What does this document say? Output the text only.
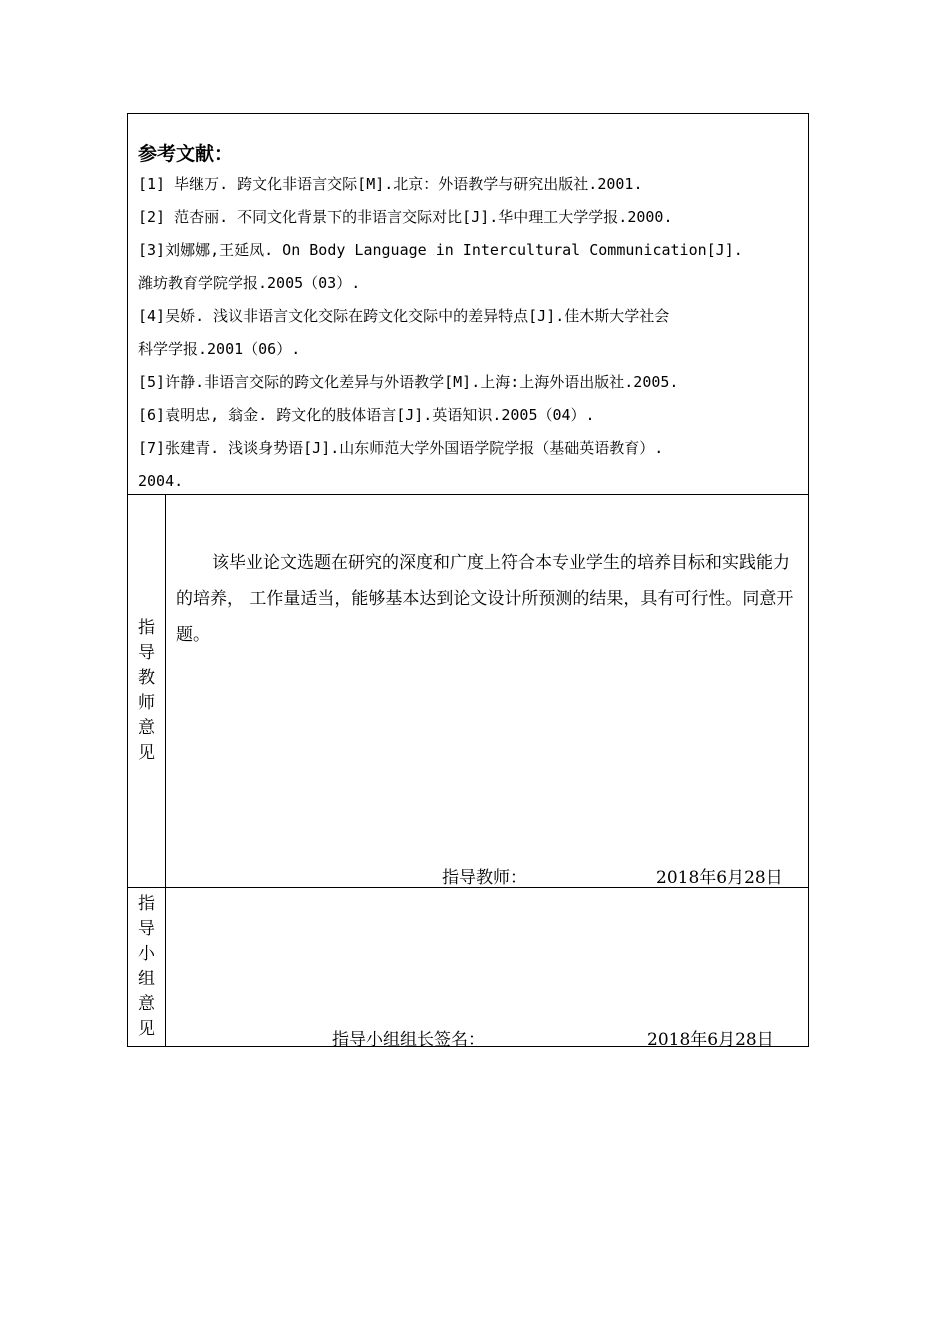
参考文献：
[1] 毕继万. 跨文化非语言交际[M].北京：外语教学与研究出版社.2001.
[2] 范杏丽. 不同文化背景下的非语言交际对比[J].华中理工大学学报.2000.
[3]刘娜娜,王延凤. On Body Language in Intercultural Communication[J].
潍坊教育学院学报.2005（03）.
[4]吴娇. 浅议非语言文化交际在跨文化交际中的差异特点[J].佳木斯大学社会
科学学报.2001（06）.
[5]许静.非语言交际的跨文化差异与外语教学[M].上海:上海外语出版社.2005.
[6]袁明忠, 翁金. 跨文化的肢体语言[J].英语知识.2005（04）.
[7]张建青. 浅谈身势语[J].山东师范大学外国语学院学报（基础英语教育）.
2004.
指导教师意见

该毕业论文选题在研究的深度和广度上符合本专业学生的培养目标和实践能力的培养， 工作量适当，能够基本达到论文设计所预测的结果，具有可行性。同意开题。

指导教师：	2018年6月28日
指导小组意见
指导小组组长签名：	2018年6月28日
